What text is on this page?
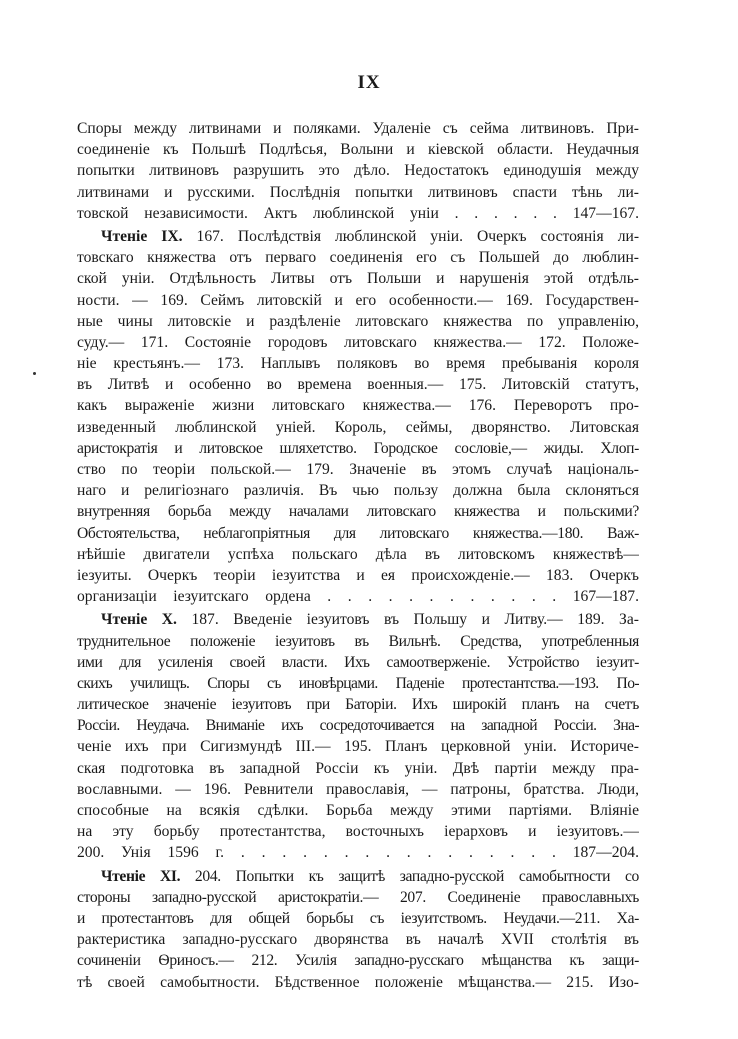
IX
Споры между литвинами и поляками. Удаленіе съ сейма литвиновъ. При-
соединеніе къ Польшѣ Подлѣсья, Волыни и кіевской области. Неудачныя
попытки литвиновъ разрушить это дѣло. Недостатокъ единодушія между
литвинами и русскими. Послѣднія попытки литвиновъ спасти тѣнь ли-
товской независимости. Актъ люблинской уніи . . . . . . 147—167.
Чтеніе IX. 167. Послѣдствія люблинской уніи. Очеркъ состоянія ли-
товскаго княжества отъ перваго соединенія его съ Польшей до люблин-
ской уніи. Отдѣльность Литвы отъ Польши и нарушенія этой отдѣль-
ности. — 169. Сеймъ литовскій и его особенности.— 169. Государствен-
ные чины литовскіе и раздѣленіе литовскаго княжества по управленію,
суду.— 171. Состояніе городовъ литовскаго княжества.— 172. Положе-
ніе крестьянъ.— 173. Наплывъ поляковъ во время пребыванія короля
въ Литвѣ и особенно во времена военныя.— 175. Литовскій статутъ,
какъ выраженіе жизни литовскаго княжества.— 176. Переворотъ про-
изведенный люблинской уніей. Король, сеймы, дворянство. Литовская
аристократія и литовское шляхетство. Городское сословіе,— жиды. Хлоп-
ство по теоріи польской.— 179. Значеніе въ этомъ случаѣ національ-
наго и религіознаго различія. Въ чью пользу должна была склоняться
внутренняя борьба между началами литовскаго княжества и польскими?
Обстоятельства, неблагопріятныя для литовскаго княжества.—180. Важ-
нѣйшіе двигатели успѣха польскаго дѣла въ литовскомъ княжествѣ—
іезуиты. Очеркъ теоріи іезуитства и ея происхожденіе.— 183. Очеркъ
организаціи іезуитскаго ордена . . . . . . . . . . . . 167—187.
Чтеніе X. 187. Введеніе іезуитовъ въ Польшу и Литву.— 189. За-
труднительное положеніе іезуитовъ въ Вильнѣ. Средства, употребленныя
ими для усиленія своей власти. Ихъ самоотверженіе. Устройство іезуит-
скихъ училищъ. Споры съ иновѣрцами. Паденіе протестантства.—193. По-
литическое значеніе іезуитовъ при Баторіи. Ихъ широкій планъ на счетъ
Россіи. Неудача. Вниманіе ихъ сосредоточивается на западной Россіи. Зна-
ченіе ихъ при Сигизмундѣ III.— 195. Планъ церковной уніи. Историче-
ская подготовка въ западной Россіи къ уніи. Двѣ партіи между пра-
вославными. — 196. Ревнители православія, — патроны, братства. Люди,
способные на всякія сдѣлки. Борьба между этими партіями. Вліяніе
на эту борьбу протестантства, восточныхъ іерарховъ и іезуитовъ.—
200. Унія 1596 г. . . . . . . . . . . . . . . . . 187—204.
Чтеніе XI. 204. Попытки къ защитѣ западно-русской самобытности со
стороны западно-русской аристократіи.— 207. Соединеніе православныхъ
и протестантовъ для общей борьбы съ іезуитствомъ. Неудачи.—211. Ха-
рактеристика западно-русскаго дворянства въ началѣ XVII столѣтія въ
сочиненіи Ѳриносъ.— 212. Усилія западно-русскаго мѣщанства къ защи-
тѣ своей самобытности. Бѣдственное положеніе мѣщанства.— 215. Изо-
